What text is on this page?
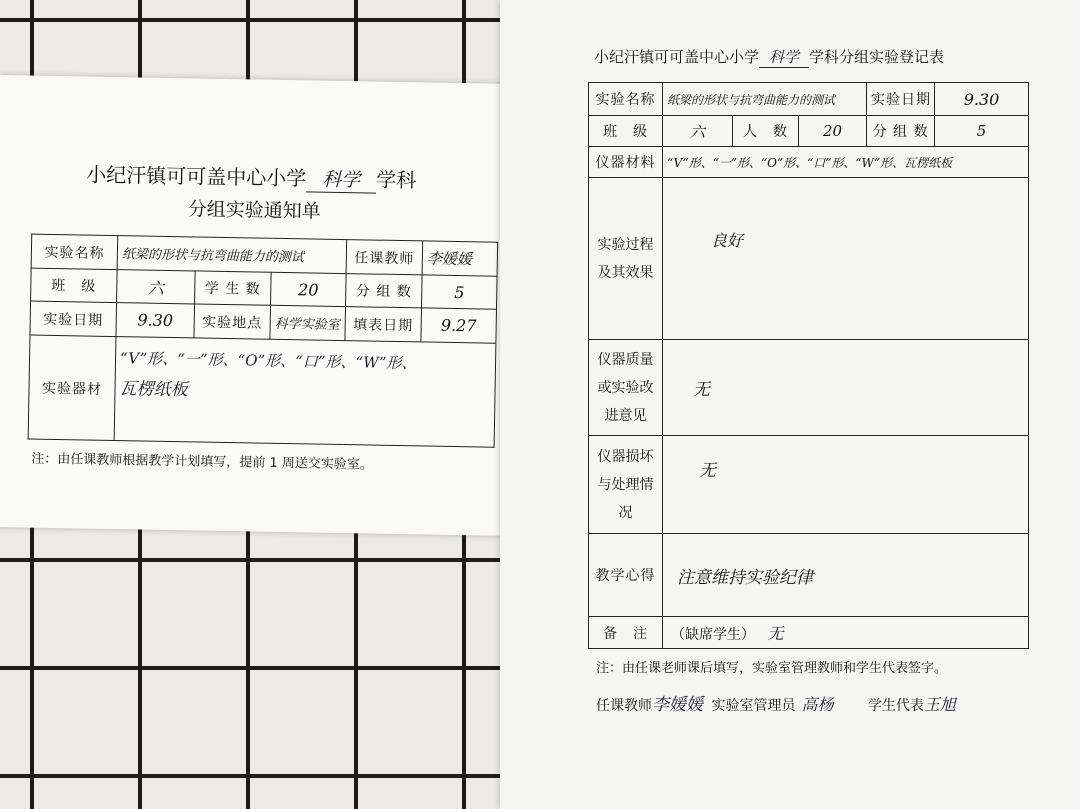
小纪汗镇可可盖中心小学 科学 学科
分组实验通知单
实验名称	纸梁的形状与抗弯曲能力的测试			任课教师	李媛媛
班　级	六	学 生 数	20	分 组 数	5
实验日期	9.30	实验地点	科学实验室	填表日期	9.27
实验器材	“V”形、“一”形、“O”形、“口”形、“W”形、
瓦楞纸板				
注：由任课教师根据教学计划填写，提前 1 周送交实验室。
小纪汗镇可可盖中心小学 科学 学科分组实验登记表
实验名称	纸梁的形状与抗弯曲能力的测试			实验日期	9.30
班　级	六	人　数	20	分 组 数	5
仪器材料	“V”形、“一”形、“O”形、“口”形、“W”形、瓦楞纸板				
实验过程及其效果	良好				
仪器质量或实验改进意见	无				
仪器损坏与处理情况	无				
教学心得	注意维持实验纪律				
备　注	（缺席学生） 无				
注：由任课老师课后填写，实验室管理教师和学生代表签字。
任课教师李媛媛 实验室管理员 高杨 学生代表王旭
